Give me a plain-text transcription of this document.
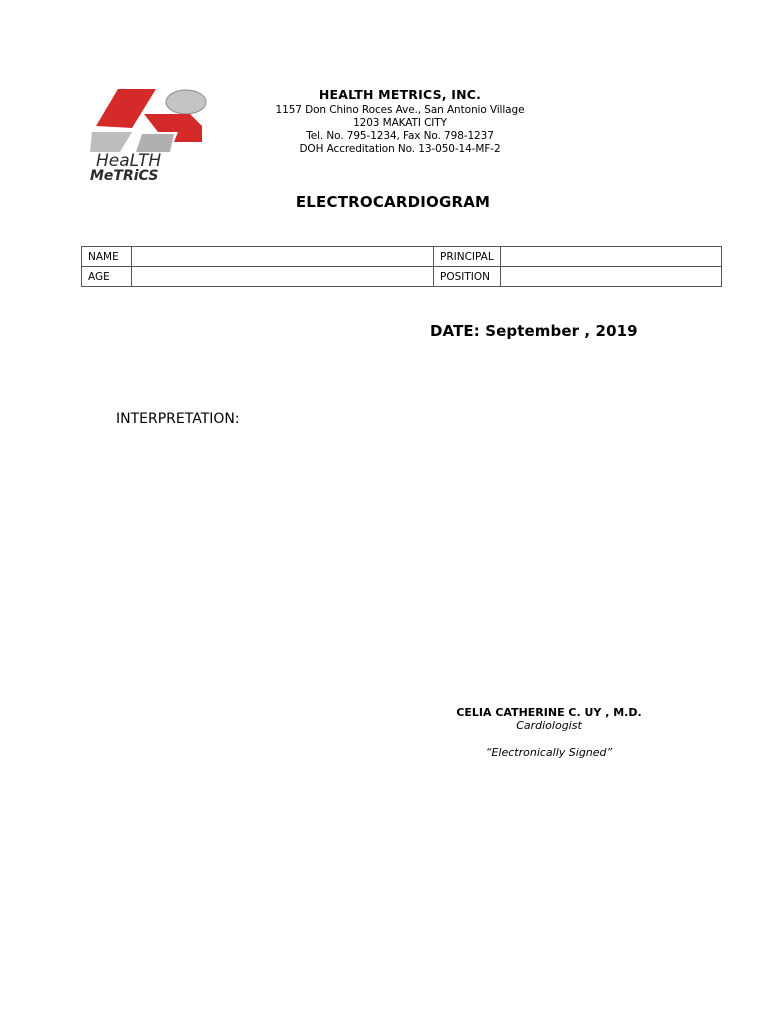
HeaLTH
MeTRiCS
HEALTH METRICS, INC.
1157 Don Chino Roces Ave., San Antonio Village
1203 MAKATI CITY
Tel. No. 795-1234, Fax No. 798-1237
DOH Accreditation No. 13-050-14-MF-2
ELECTROCARDIOGRAM
NAME		PRINCIPAL	
AGE		POSITION	
DATE: September , 2019
INTERPRETATION:
CELIA CATHERINE C. UY , M.D.
Cardiologist
“Electronically Signed”
